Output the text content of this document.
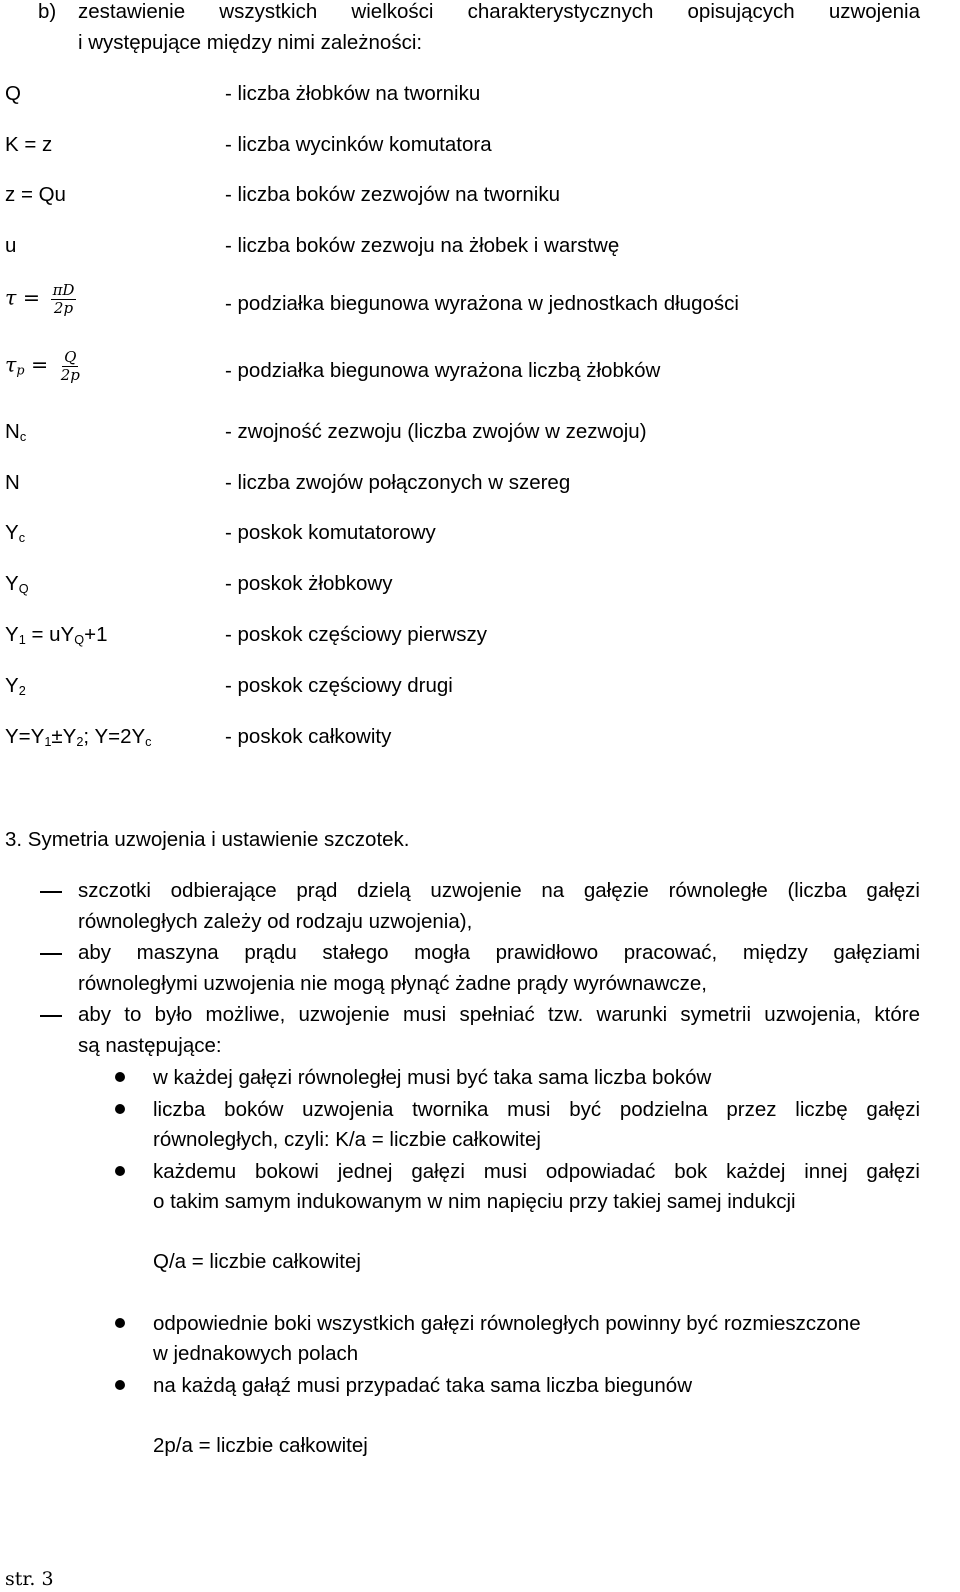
b) zestawienie wszystkich wielkości charakterystycznych opisujących uzwojenia
i występujące między nimi zależności:
Q	- liczba żłobków na tworniku
K = z	- liczba wycinków komutatora
z = Qu	- liczba boków zezwojów na tworniku
u	- liczba boków zezwoju na żłobek i warstwę
$\tau = \frac{\pi D}{2p}$	- podziałka biegunowa wyrażona w jednostkach długości
$\tau_p = \frac{Q}{2p}$	- podziałka biegunowa wyrażona liczbą żłobków
$N_c$	- zwojność zezwoju (liczba zwojów w zezwoju)
N	- liczba zwojów połączonych w szereg
$Y_c$	- poskok komutatorowy
$Y_Q$	- poskok żłobkowy
$Y_1 = uY_Q+1$	- poskok częściowy pierwszy
$Y_2$	- poskok częściowy drugi
$Y=Y_1\pm Y_2$; $Y=2Y_c$	- poskok całkowity
3. Symetria uzwojenia i ustawienie szczotek.
szczotki odbierające prąd dzielą uzwojenie na gałęzie równoległe (liczba gałęzi
równoległych zależy od rodzaju uzwojenia),
aby maszyna prądu stałego mogła prawidłowo pracować, między gałęziami
równoległymi uzwojenia nie mogą płynąć żadne prądy wyrównawcze,
aby to było możliwe, uzwojenie musi spełniać tzw. warunki symetrii uzwojenia, które
są następujące:
w każdej gałęzi równoległej musi być taka sama liczba boków
liczba boków uzwojenia twornika musi być podzielna przez liczbę gałęzi
równoległych, czyli: K/a = liczbie całkowitej
każdemu bokowi jednej gałęzi musi odpowiadać bok każdej innej gałęzi
o takim samym indukowanym w nim napięciu przy takiej samej indukcji
Q/a = liczbie całkowitej
odpowiednie boki wszystkich gałęzi równoległych powinny być rozmieszczone
w jednakowych polach
na każdą gałąź musi przypadać taka sama liczba biegunów
2p/a = liczbie całkowitej
str. 3
